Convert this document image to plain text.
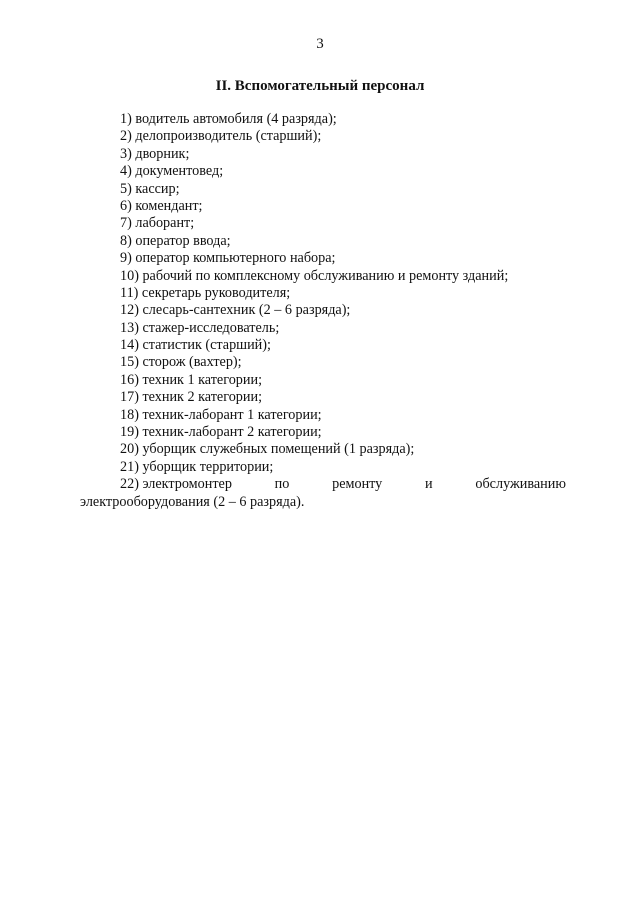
3
II. Вспомогательный персонал
1) водитель автомобиля (4 разряда);
2) делопроизводитель (старший);
3) дворник;
4) документовед;
5) кассир;
6) комендант;
7) лаборант;
8) оператор ввода;
9) оператор компьютерного набора;
10) рабочий по комплексному обслуживанию и ремонту зданий;
11) секретарь руководителя;
12) слесарь-сантехник (2 – 6 разряда);
13) стажер-исследователь;
14) статистик (старший);
15) сторож (вахтер);
16) техник 1 категории;
17) техник 2 категории;
18) техник-лаборант 1 категории;
19) техник-лаборант 2 категории;
20) уборщик служебных помещений (1 разряда);
21) уборщик территории;
22) электромонтер	по	ремонту	и	обслуживанию
электрооборудования (2 – 6 разряда).
